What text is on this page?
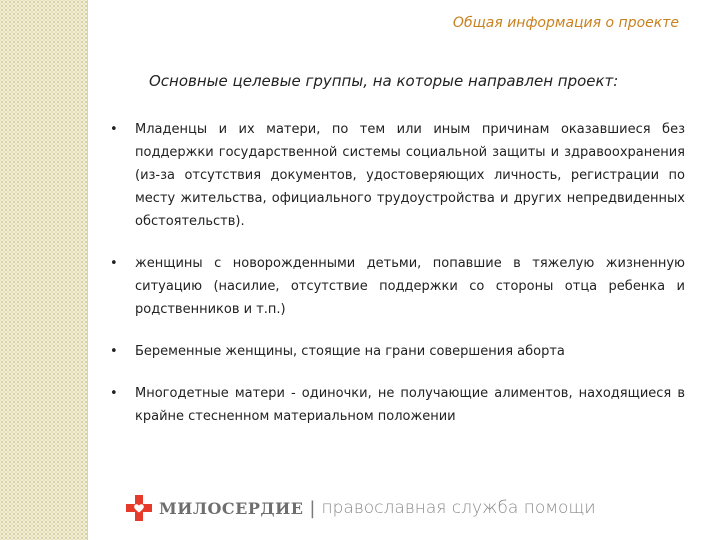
Общая информация о проекте
Основные целевые группы, на которые направлен проект:
• Младенцы и их матери, по тем или иным причинам оказавшиеся без поддержки государственной системы социальной защиты и здравоохранения (из-за отсутствия документов, удостоверяющих личность, регистрации по месту жительства, официального трудоустройства и других непредвиденных обстоятельств).
• женщины с новорожденными детьми, попавшие в тяжелую жизненную ситуацию (насилие, отсутствие поддержки со стороны отца ребенка и родственников и т.п.)
• Беременные женщины, стоящие на грани совершения аборта
• Многодетные матери - одиночки, не получающие алиментов, находящиеся в крайне стесненном материальном положении
МИЛОСЕРДИЕ | православная служба помощи
